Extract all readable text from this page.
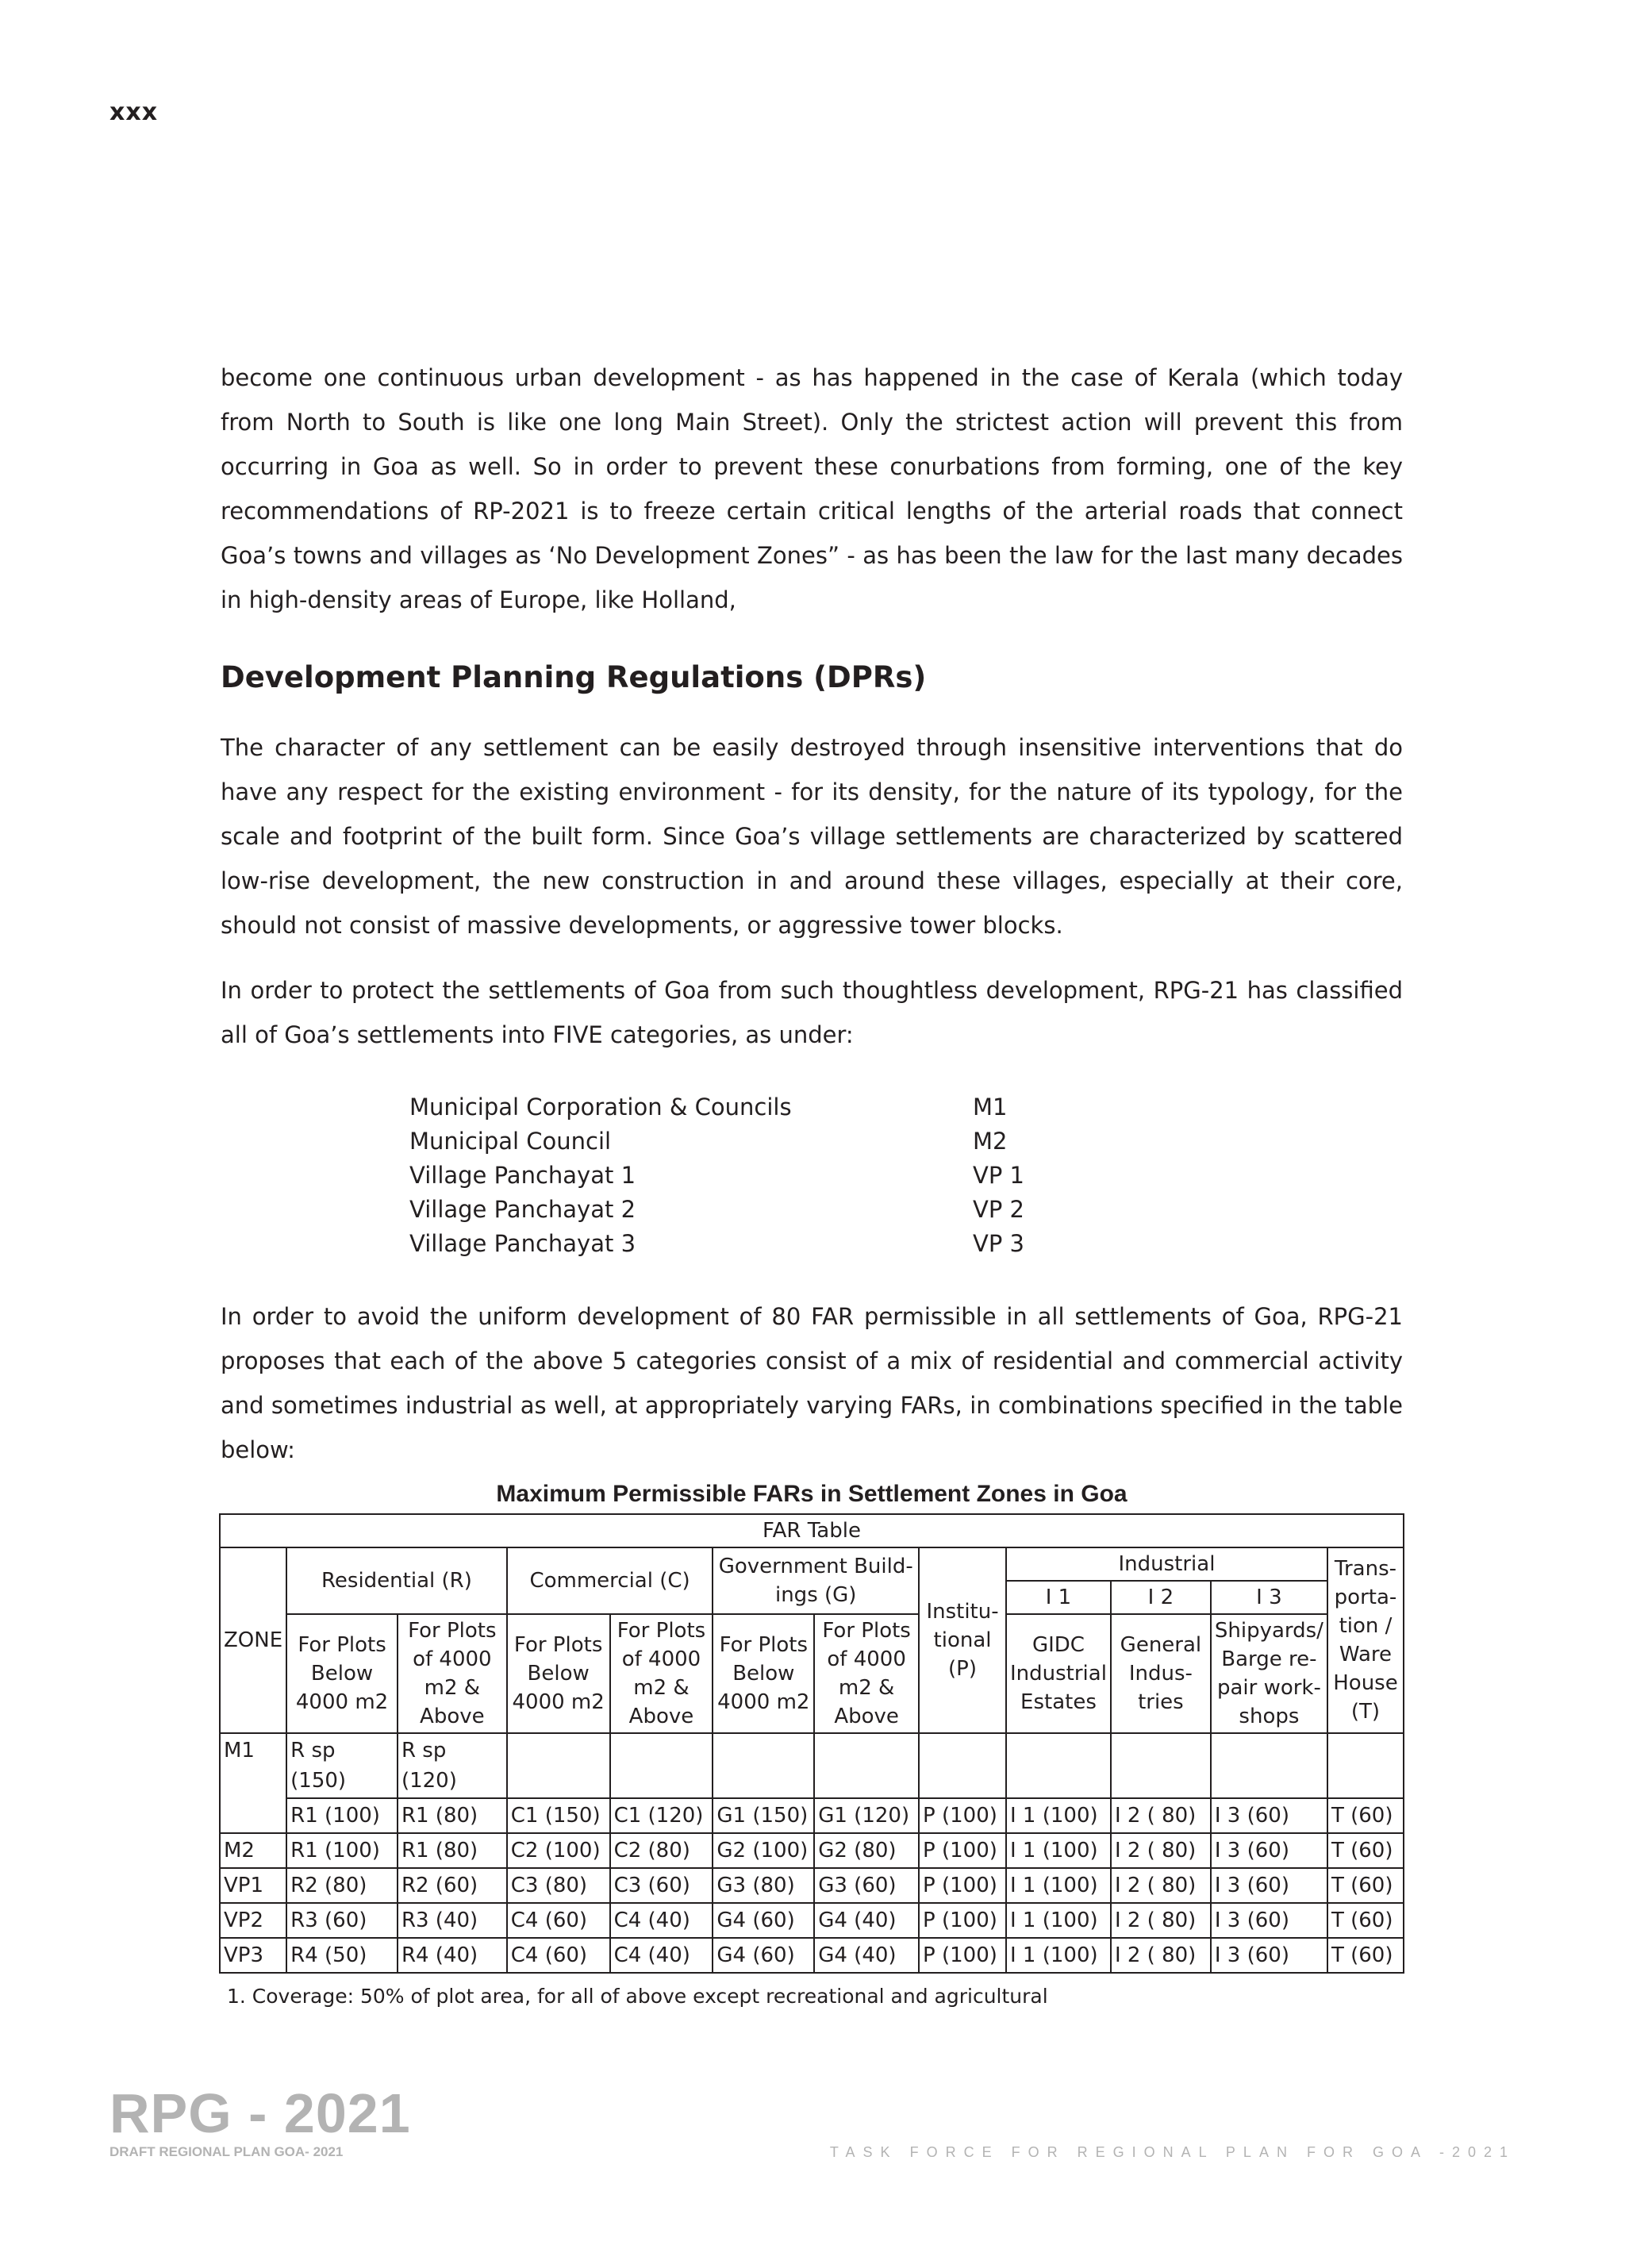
xxx

become one continuous urban development - as has happened in the case of Kerala (which today from North to South is like one long Main Street). Only the strictest action will prevent this from occurring in Goa as well. So in order to prevent these conurbations from forming, one of the key recommendations of RP-2021 is to freeze certain critical lengths of the arterial roads that connect Goa’s towns and villages as ‘No Development Zones” - as has been the law for the last many decades in high-density areas of Europe, like Holland,

Development Planning Regulations (DPRs)

The character of any settlement can be easily destroyed through insensitive interventions that do have any respect for the existing environment - for its density, for the nature of its typology, for the scale and footprint of the built form. Since Goa’s village settlements are characterized by scattered low-rise development, the new construction in and around these villages, especially at their core, should not consist of massive developments, or aggressive tower blocks.

In order to protect the settlements of Goa from such thoughtless development, RPG-21 has classified all of Goa’s settlements into FIVE categories, as under:

Municipal Corporation & Councils	M1
Municipal Council	M2
Village Panchayat 1	VP 1
Village Panchayat 2	VP 2
Village Panchayat 3	VP 3

In order to avoid the uniform development of 80 FAR permissible in all settlements of Goa, RPG-21 proposes that each of the above 5 categories consist of a mix of residential and commercial activity and sometimes industrial as well, at appropriately varying FARs, in combinations specified in the table below:

Maximum Permissible FARs in Settlement Zones in Goa
FAR Table											
ZONE	Residential (R)		Commercial (C)		Government Build-ings (G)		Institu-tional (P)	Industrial			Trans-porta-tion / Ware House (T)
								I 1	I 2	I 3	
	For Plots Below 4000 m2	For Plots of 4000 m2 & Above	For Plots Below 4000 m2	For Plots of 4000 m2 & Above	For Plots Below 4000 m2	For Plots of 4000 m2 & Above		GIDC Industrial Estates	General Indus-tries	Shipyards/ Barge re-pair work-shops	
M1	R sp (150)	R sp (120)									
	R1 (100)	R1 (80)	C1 (150)	C1 (120)	G1 (150)	G1 (120)	P (100)	I 1 (100)	I 2 ( 80)	I 3 (60)	T (60)
M2	R1 (100)	R1 (80)	C2 (100)	C2 (80)	G2 (100)	G2 (80)	P (100)	I 1 (100)	I 2 ( 80)	I 3 (60)	T (60)
VP1	R2 (80)	R2 (60)	C3 (80)	C3 (60)	G3 (80)	G3 (60)	P (100)	I 1 (100)	I 2 ( 80)	I 3 (60)	T (60)
VP2	R3 (60)	R3 (40)	C4 (60)	C4 (40)	G4 (60)	G4 (40)	P (100)	I 1 (100)	I 2 ( 80)	I 3 (60)	T (60)
VP3	R4 (50)	R4 (40)	C4 (60)	C4 (40)	G4 (60)	G4 (40)	P (100)	I 1 (100)	I 2 ( 80)	I 3 (60)	T (60)
1. Coverage: 50% of plot area, for all of above except recreational and agricultural
RPG - 2021
DRAFT REGIONAL PLAN GOA- 2021	TASK FORCE FOR REGIONAL PLAN FOR GOA -2021
